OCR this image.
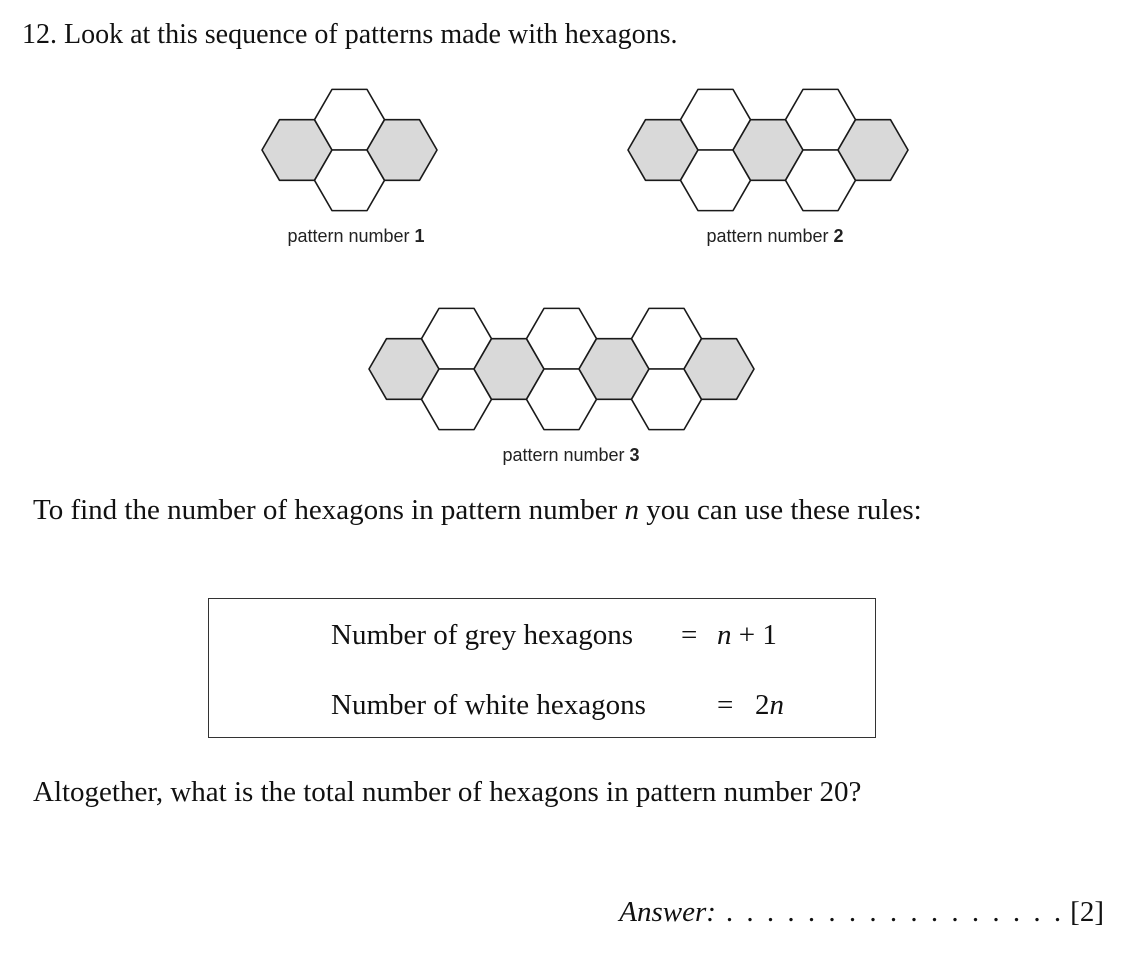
12. Look at this sequence of patterns made with hexagons.
pattern number 1	pattern number 2
pattern number 3
To find the number of hexagons in pattern number n you can use these rules:
Number of grey hexagons = n + 1
Number of white hexagons = 2n
Altogether, what is the total number of hexagons in pattern number 20?
Answer: . . . . . . . . . . . . . . . . . [2]
